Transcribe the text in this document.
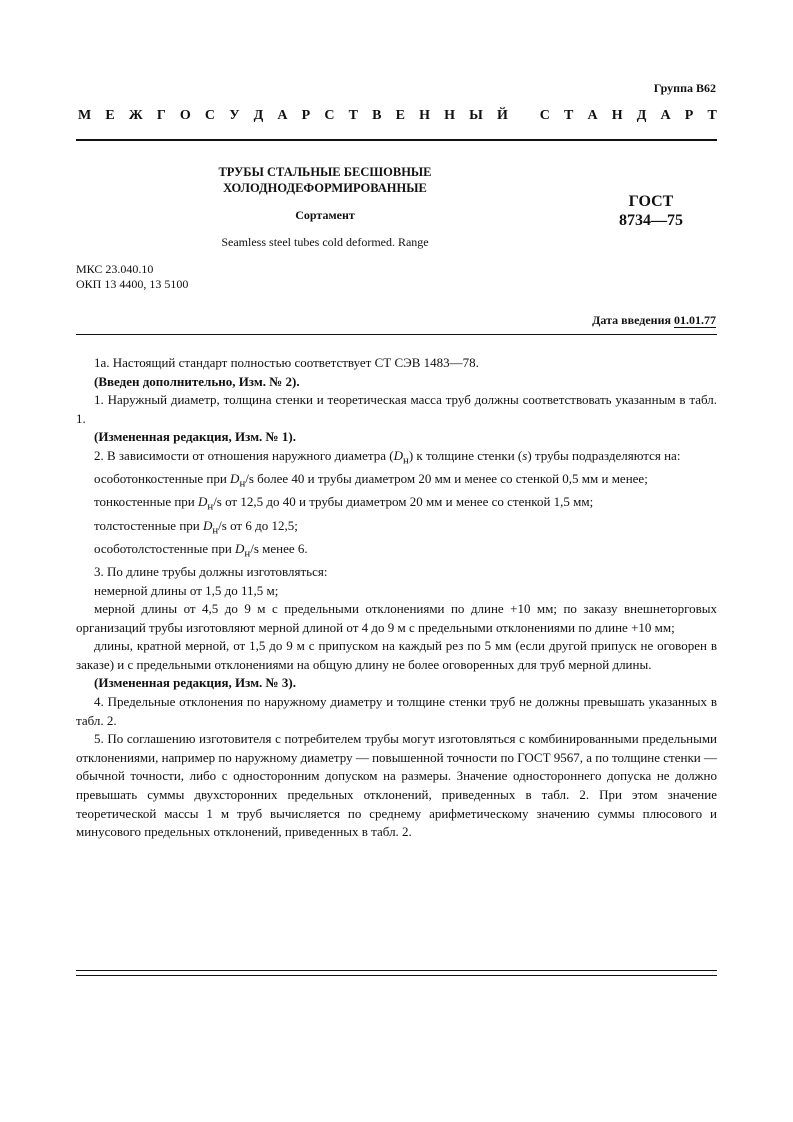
Группа В62
М Е Ж Г О С У Д А Р С Т В Е Н Н Ы Й
С Т А Н Д А Р Т
ТРУБЫ СТАЛЬНЫЕ БЕСШОВНЫЕ
ХОЛОДНОДЕФОРМИРОВАННЫЕ
Сортамент
Seamless steel tubes cold deformed. Range
ГОСТ
8734—75
МКС 23.040.10
ОКП 13 4400, 13 5100
Дата введения 01.01.77

1а. Настоящий стандарт полностью соответствует СТ СЭВ 1483—78.

(Введен дополнительно, Изм. № 2).

1. Наружный диаметр, толщина стенки и теоретическая масса труб должны соответствовать указанным в табл. 1.

(Измененная редакция, Изм. № 1).

2. В зависимости от отношения наружного диаметра $(D_н)$ к толщине стенки (s) трубы подразделяются на:

особотонкостенные при $D_н/s$ более 40 и трубы диаметром 20 мм и менее со стенкой 0,5 мм и менее;

тонкостенные при $D_н/s$ от 12,5 до 40 и трубы диаметром 20 мм и менее со стенкой 1,5 мм;

толстостенные при $D_н/s$ от 6 до 12,5;

особотолстостенные при $D_н/s$ менее 6.

3. По длине трубы должны изготовляться:

немерной длины от 1,5 до 11,5 м;

мерной длины от 4,5 до 9 м с предельными отклонениями по длине +10 мм; по заказу внешнеторговых организаций трубы изготовляют мерной длиной от 4 до 9 м с предельными отклонениями по длине +10 мм;

длины, кратной мерной, от 1,5 до 9 м с припуском на каждый рез по 5 мм (если другой припуск не оговорен в заказе) и с предельными отклонениями на общую длину не более оговоренных для труб мерной длины.

(Измененная редакция, Изм. № 3).

4. Предельные отклонения по наружному диаметру и толщине стенки труб не должны превышать указанных в табл. 2.

5. По соглашению изготовителя с потребителем трубы могут изготовляться с комбинированными предельными отклонениями, например по наружному диаметру — повышенной точности по ГОСТ 9567, а по толщине стенки — обычной точности, либо с односторонним допуском на размеры. Значение одностороннего допуска не должно превышать суммы двухсторонних предельных отклонений, приведенных в табл. 2. При этом значение теоретической массы 1 м труб вычисляется по среднему арифметическому значению суммы плюсового и минусового предельных отклонений, приведенных в табл. 2.
